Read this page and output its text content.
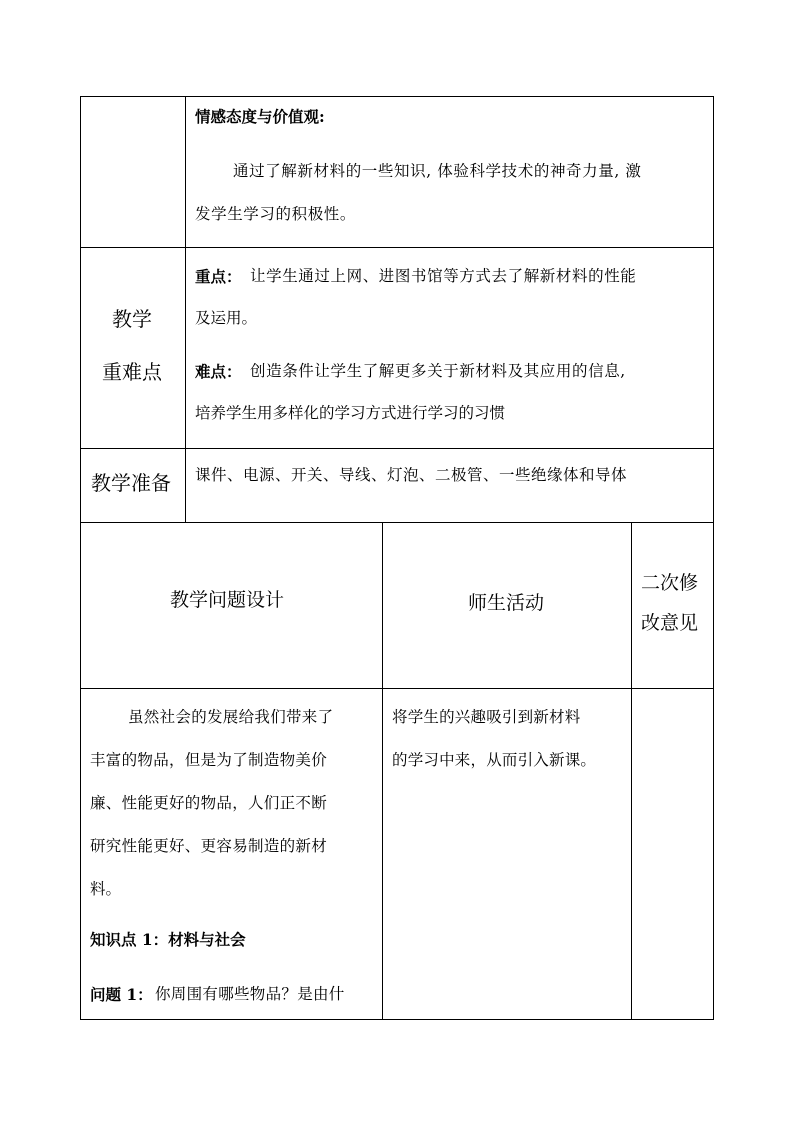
情感态度与价值观:
通过了解新材料的一些知识, 体验科学技术的神奇力量, 激
发学生学习的积极性。
教学
重难点
重点： 让学生通过上网、进图书馆等方式去了解新材料的性能
及运用。
难点： 创造条件让学生了解更多关于新材料及其应用的信息,
培养学生用多样化的学习方式进行学习的习惯
教学准备 课件、电源、开关、导线、灯泡、二极管、一些绝缘体和导体
教学问题设计	师生活动
二次修
改意见
虽然社会的发展给我们带来了
丰富的物品，但是为了制造物美价
廉、性能更好的物品，人们正不断
研究性能更好、更容易制造的新材
料。
知识点 1：材料与社会
问题 1： 你周围有哪些物品？是由什
将学生的兴趣吸引到新材料
的学习中来，从而引入新课。
